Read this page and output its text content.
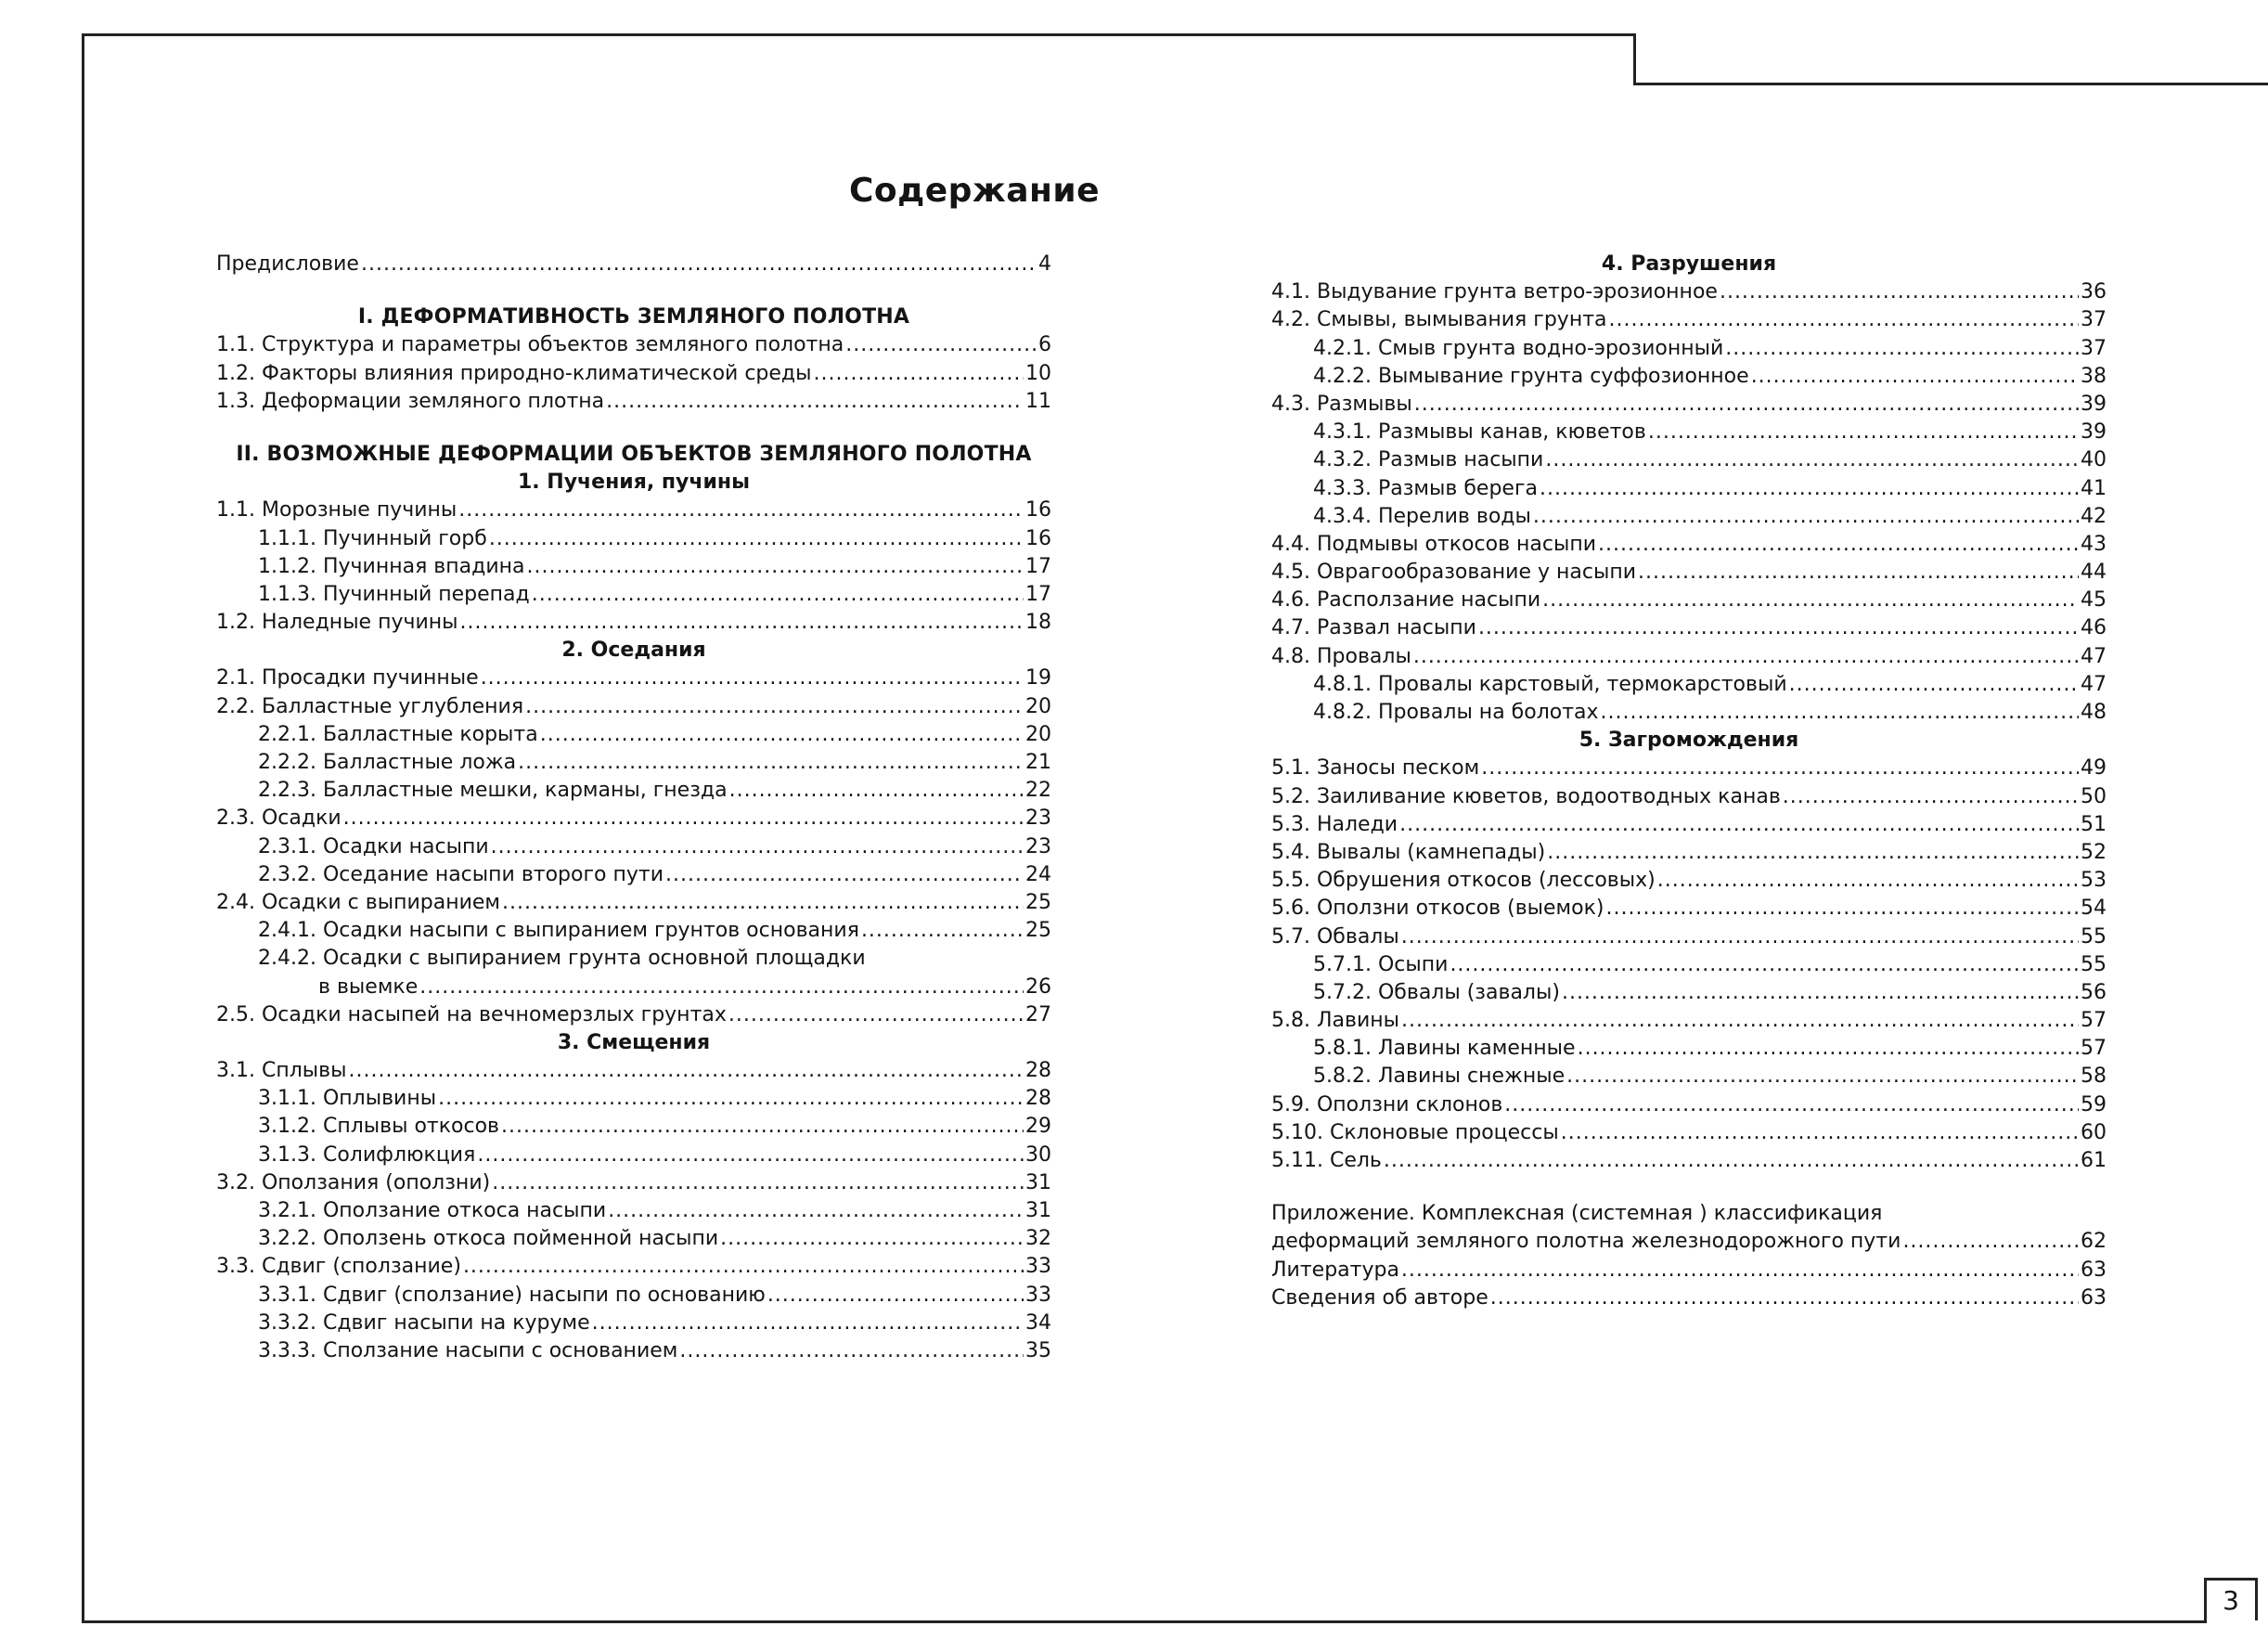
Содержание
Предисловие .....	4
I. ДЕФОРМАТИВНОСТЬ ЗЕМЛЯНОГО ПОЛОТНА
1.1. Структура и параметры объектов земляного полотна .....	6
1.2. Факторы влияния природно-климатической среды .....	10
1.3. Деформации земляного плотна .....	11
II. ВОЗМОЖНЫЕ ДЕФОРМАЦИИ ОБЪЕКТОВ ЗЕМЛЯНОГО ПОЛОТНА
1. Пучения, пучины
1.1. Морозные пучины .....	16
1.1.1. Пучинный горб .....	16
1.1.2. Пучинная впадина .....	17
1.1.3. Пучинный перепад .....	17
1.2. Наледные пучины .....	18
2. Оседания
2.1. Просадки пучинные .....	19
2.2. Балластные углубления .....	20
2.2.1. Балластные корыта .....	20
2.2.2. Балластные ложа .....	21
2.2.3. Балластные мешки, карманы, гнезда .....	22
2.3. Осадки .....	23
2.3.1. Осадки насыпи .....	23
2.3.2. Оседание насыпи второго пути .....	24
2.4. Осадки с выпиранием .....	25
2.4.1. Осадки насыпи с выпиранием грунтов основания .....	25
2.4.2. Осадки с выпиранием грунта основной площадки
в выемке .....	26
2.5. Осадки насыпей на вечномерзлых грунтах .....	27
3. Смещения
3.1. Сплывы .....	28
3.1.1. Оплывины .....	28
3.1.2. Сплывы откосов .....	29
3.1.3. Солифлюкция .....	30
3.2. Оползания (оползни) .....	31
3.2.1. Оползание откоса насыпи .....	31
3.2.2. Оползень откоса пойменной насыпи .....	32
3.3. Сдвиг (сползание) .....	33
3.3.1. Сдвиг (сползание) насыпи по основанию .....	33
3.3.2. Сдвиг насыпи на куруме .....	34
3.3.3. Сползание насыпи с основанием .....	35
4. Разрушения
4.1. Выдувание грунта ветро-эрозионное .....	36
4.2. Смывы, вымывания грунта .....	37
4.2.1. Смыв грунта водно-эрозионный .....	37
4.2.2. Вымывание грунта суффозионное .....	38
4.3. Размывы .....	39
4.3.1. Размывы канав, кюветов .....	39
4.3.2. Размыв насыпи .....	40
4.3.3. Размыв берега .....	41
4.3.4. Перелив воды .....	42
4.4. Подмывы откосов насыпи .....	43
4.5. Оврагообразование у насыпи .....	44
4.6. Расползание насыпи .....	45
4.7. Развал насыпи .....	46
4.8. Провалы .....	47
4.8.1. Провалы карстовый, термокарстовый .....	47
4.8.2. Провалы на болотах .....	48
5. Загромождения
5.1. Заносы песком .....	49
5.2. Заиливание кюветов, водоотводных канав .....	50
5.3. Наледи .....	51
5.4. Вывалы (камнепады) .....	52
5.5. Обрушения откосов (лессовых) .....	53
5.6. Оползни откосов (выемок) .....	54
5.7. Обвалы .....	55
5.7.1. Осыпи .....	55
5.7.2. Обвалы (завалы) .....	56
5.8. Лавины .....	57
5.8.1. Лавины каменные .....	57
5.8.2. Лавины снежные .....	58
5.9. Оползни склонов .....	59
5.10. Склоновые процессы .....	60
5.11. Сель .....	61
Приложение. Комплексная (системная ) классификация
деформаций земляного полотна железнодорожного пути .....	62
Литература .....	63
Сведения об авторе .....	63
3
